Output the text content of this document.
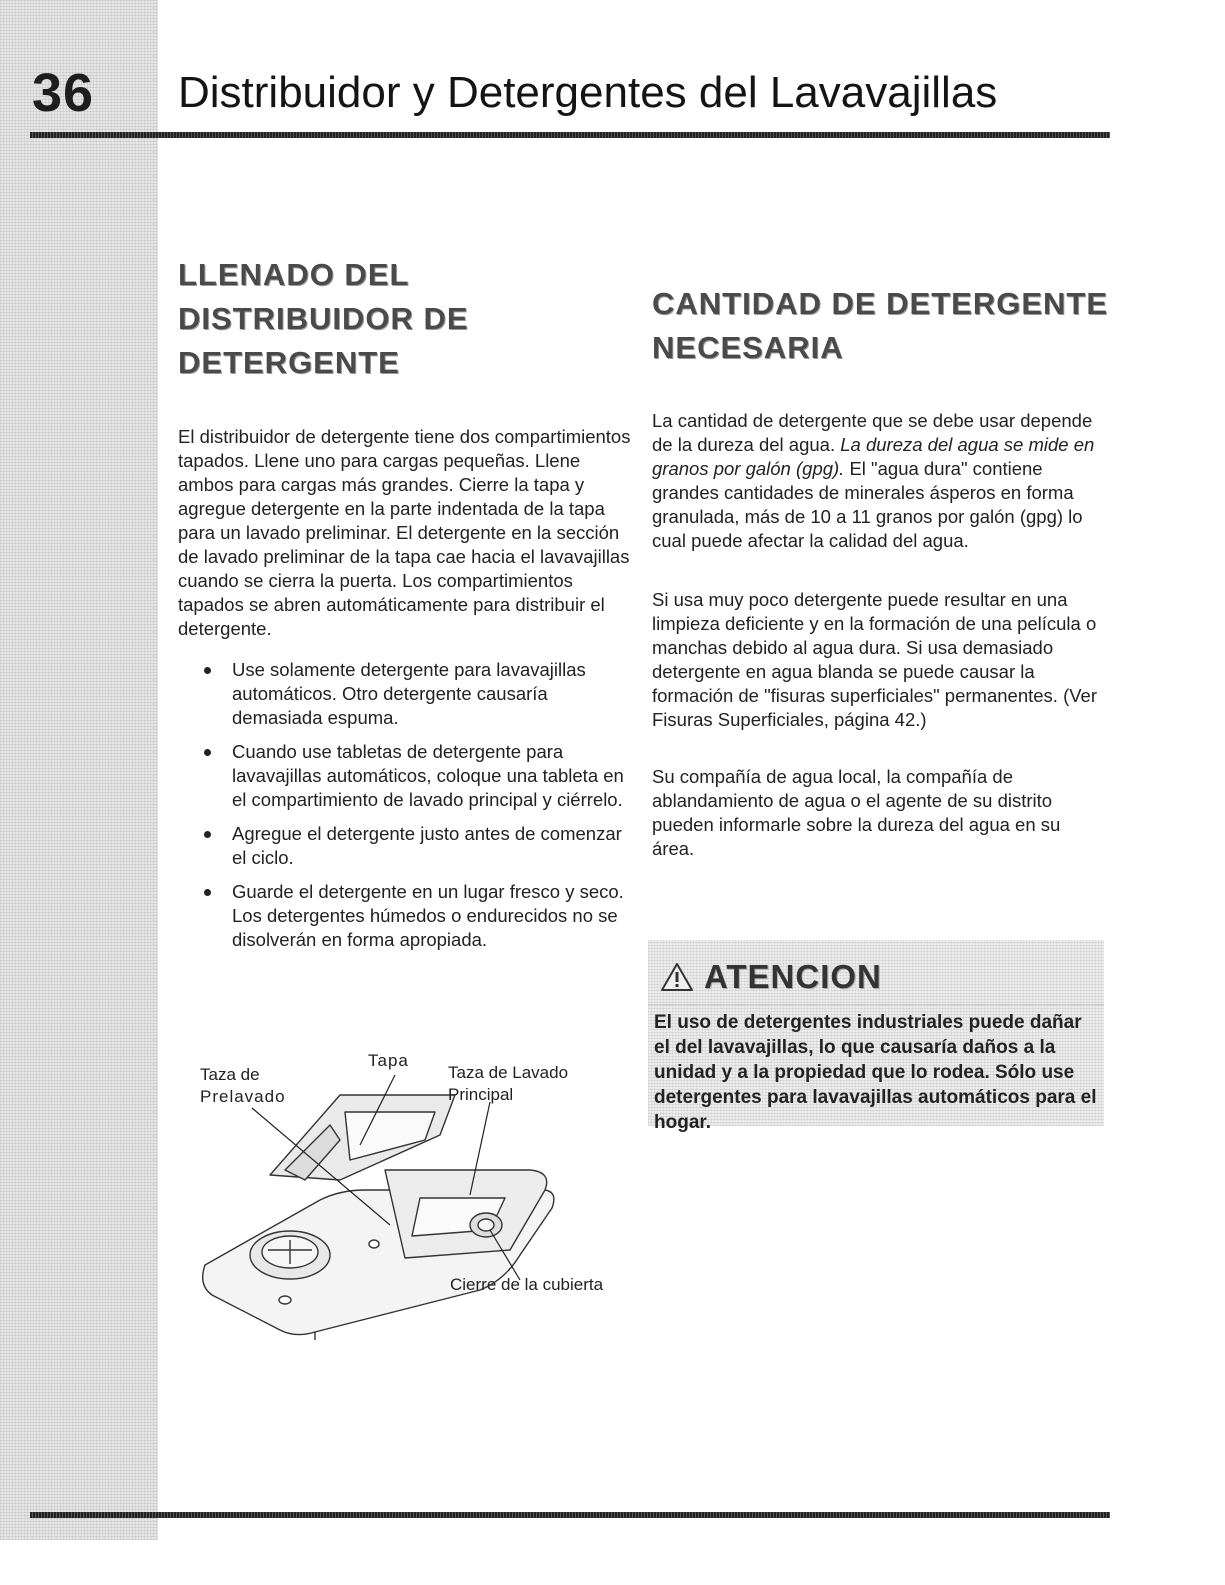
36 Distribuidor y Detergentes del Lavavajillas
LLENADO DEL DISTRIBUIDOR DE DETERGENTE

El distribuidor de detergente tiene dos compartimientos tapados. Llene uno para cargas pequeñas. Llene ambos para cargas más grandes. Cierre la tapa y agregue detergente en la parte indentada de la tapa para un lavado preliminar. El detergente en la sección de lavado preliminar de la tapa cae hacia el lavavajillas cuando se cierra la puerta. Los compartimientos tapados se abren automáticamente para distribuir el detergente.

Use solamente detergente para lavavajillas automáticos. Otro detergente causaría demasiada espuma.
Cuando use tabletas de detergente para lavavajillas automáticos, coloque una tableta en el compartimiento de lavado principal y ciérrelo.
Agregue el detergente justo antes de comenzar el ciclo.
Guarde el detergente en un lugar fresco y seco. Los detergentes húmedos o endurecidos no se disolverán en forma apropiada.
Taza de
Prelavado
Tapa
Taza de Lavado
Principal
Cierre de la cubierta
CANTIDAD DE DETERGENTE NECESARIA

La cantidad de detergente que se debe usar depende de la dureza del agua. La dureza del agua se mide en granos por galón (gpg). El "agua dura" contiene grandes cantidades de minerales ásperos en forma granulada, más de 10 a 11 granos por galón (gpg) lo cual puede afectar la calidad del agua.

Si usa muy poco detergente puede resultar en una limpieza deficiente y en la formación de una película o manchas debido al agua dura. Si usa demasiado detergente en agua blanda se puede causar la formación de "fisuras superficiales" permanentes. (Ver Fisuras Superficiales, página 42.)

Su compañía de agua local, la compañía de ablandamiento de agua o el agente de su distrito pueden informarle sobre la dureza del agua en su área.

ATENCION

El uso de detergentes industriales puede dañar el del lavavajillas, lo que causaría daños a la unidad y a la propiedad que lo rodea. Sólo use detergentes para lavavajillas automáticos para el hogar.
